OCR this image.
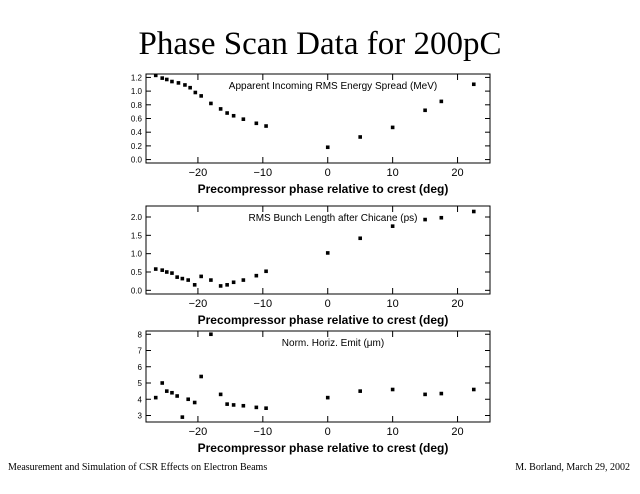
Phase Scan Data for 200pC
−20	−10	0	10	20
0.0
0.2
0.4
0.6
0.8
1.0
1.2
Apparent Incoming RMS Energy Spread (MeV)
Precompressor phase relative to crest (deg)
−20	−10	0	10	20
0.0
0.5
1.0
1.5
2.0	RMS Bunch Length after Chicane (ps)
Precompressor phase relative to crest (deg)
−20	−10	0	10	20
3
4
5
6
7
8
Norm. Horiz. Emit (μm)
Precompressor phase relative to crest (deg)
Measurement and Simulation of CSR Effects on Electron Beams	M. Borland, March 29, 2002
